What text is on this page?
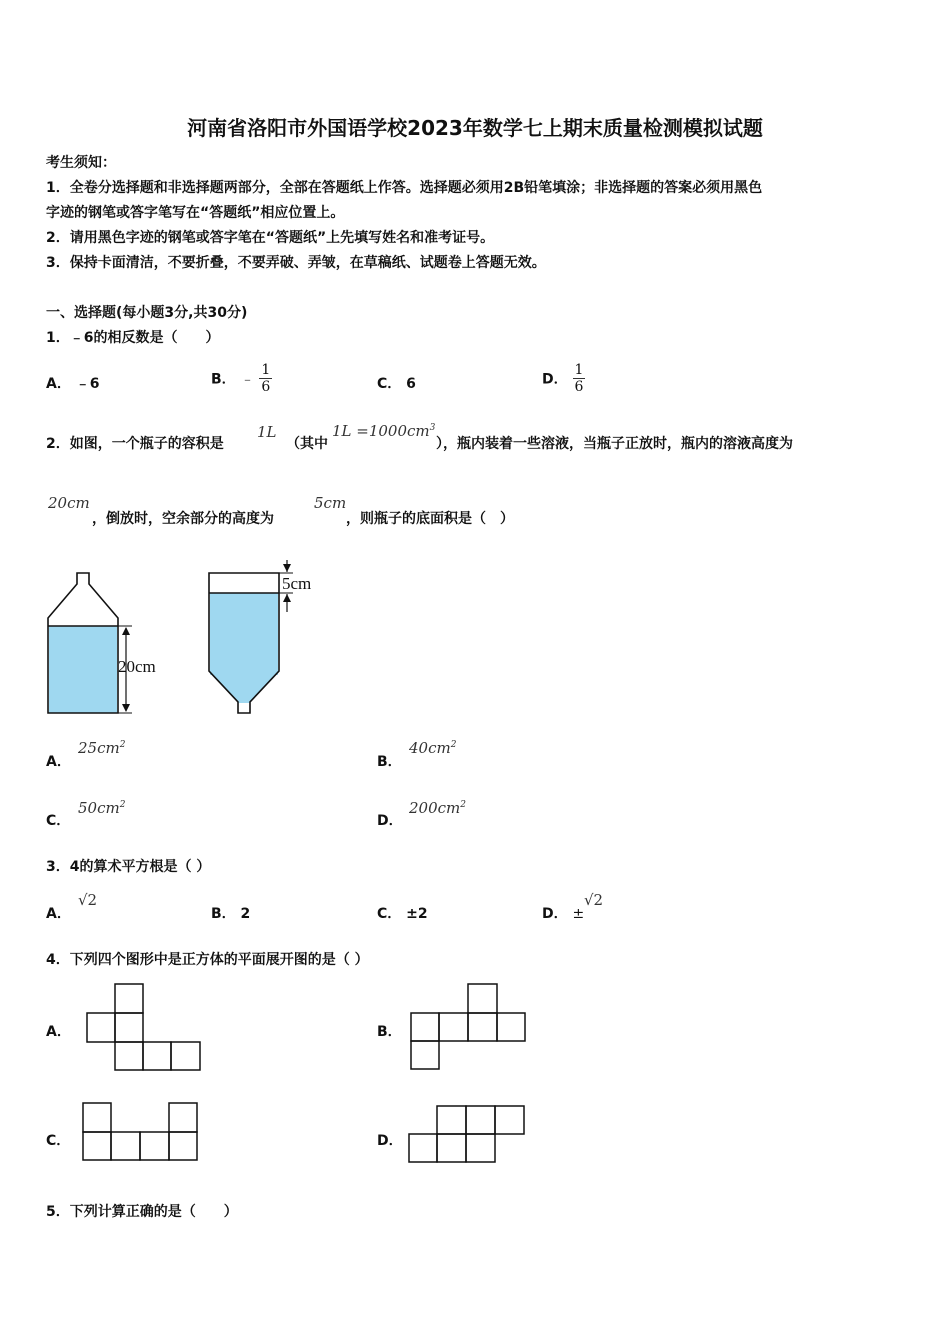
河南省洛阳市外国语学校2023年数学七上期末质量检测模拟试题
考生须知：
1．全卷分选择题和非选择题两部分，全部在答题纸上作答。选择题必须用2B铅笔填涂；非选择题的答案必须用黑色
字迹的钢笔或答字笔写在“答题纸”相应位置上。
2．请用黑色字迹的钢笔或答字笔在“答题纸”上先填写姓名和准考证号。
3．保持卡面清洁，不要折叠，不要弄破、弄皱，在草稿纸、试题卷上答题无效。
一、选择题(每小题3分,共30分)
1．﹣6的相反数是（　　）
A． ﹣6	B． ﹣ $\frac{1}{6}$	C． 6	D． $\frac{1}{6}$
2．如图，一个瓶子的容积是
1L
（其中
$1L =1000cm^3$
），瓶内装着一些溶液，当瓶子正放时，瓶内的溶液高度为
20cm
，倒放时，空余部分的高度为
5cm
，则瓶子的底面积是（　）
20cm
5cm
A．
$25cm^2$
B．
$40cm^2$
C．
$50cm^2$
D．
$200cm^2$
3．4的算术平方根是（ ）
A．
√2
B． 2	C． ±2	D． ±
√2
4．下列四个图形中是正方体的平面展开图的是（ ）
A．	B．
C．	D．
5．下列计算正确的是（　　）
